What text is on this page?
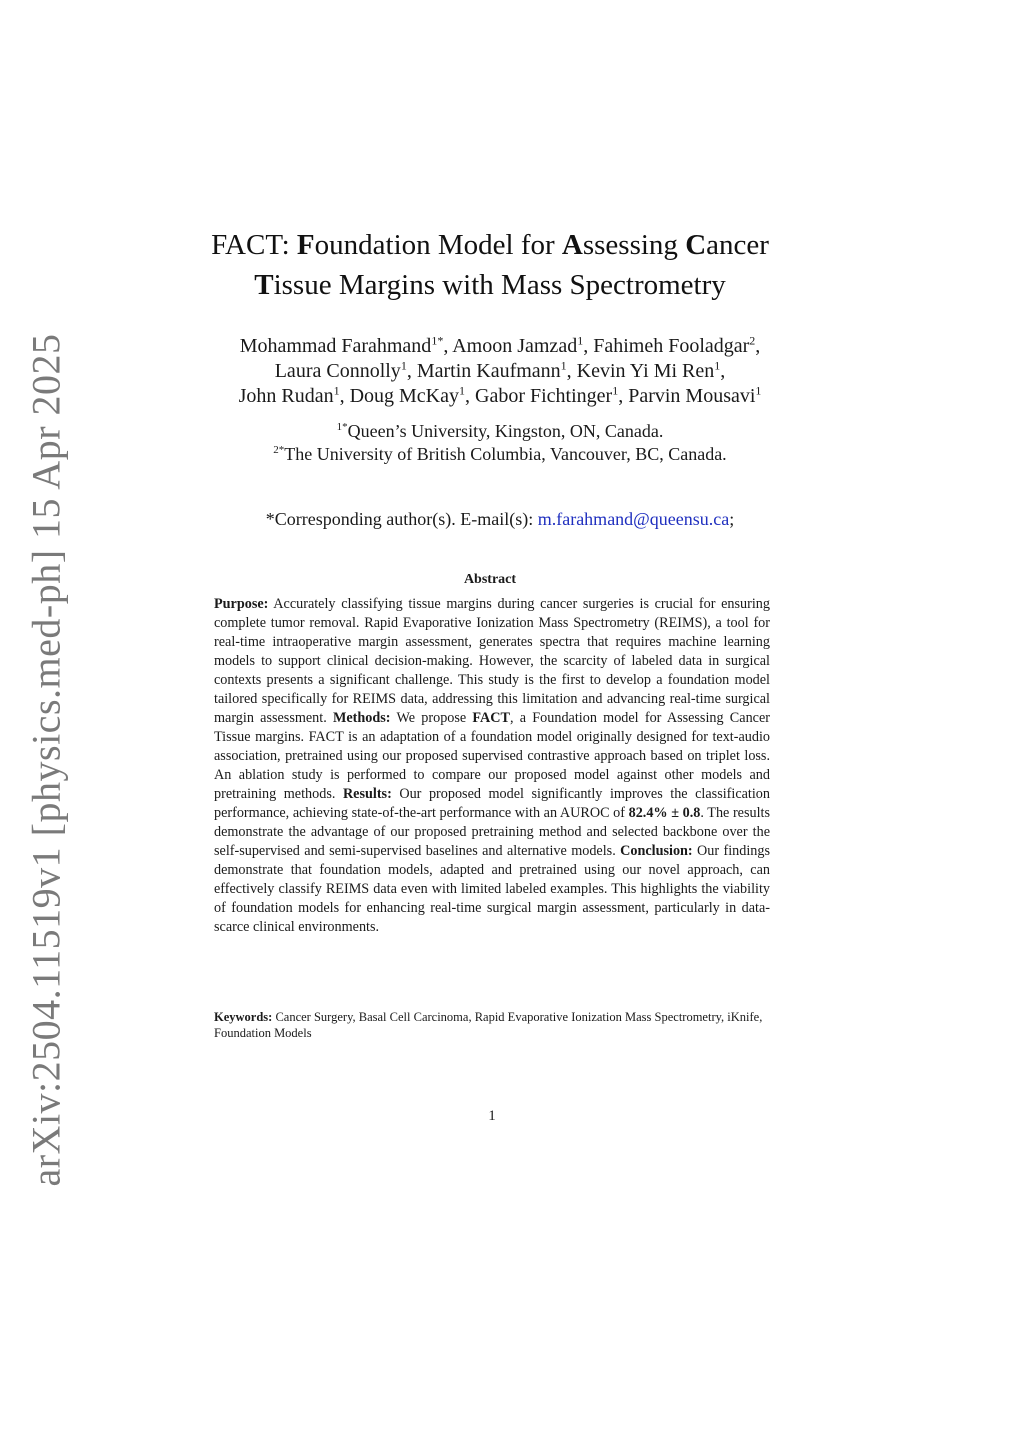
arXiv:2504.11519v1 [physics.med-ph] 15 Apr 2025
FACT: Foundation Model for Assessing Cancer
Tissue Margins with Mass Spectrometry
Mohammad Farahmand$^{1*}$, Amoon Jamzad$^1$, Fahimeh Fooladgar$^2$,
Laura Connolly$^1$, Martin Kaufmann$^1$, Kevin Yi Mi Ren$^1$,
John Rudan$^1$, Doug McKay$^1$, Gabor Fichtinger$^1$, Parvin Mousavi$^1$
$^{1*}$Queen’s University, Kingston, ON, Canada.
$^{2*}$The University of British Columbia, Vancouver, BC, Canada.
*Corresponding author(s). E-mail(s): m.farahmand@queensu.ca;
Abstract
Purpose: Accurately classifying tissue margins during cancer surgeries is crucial for ensuring complete tumor removal. Rapid Evaporative Ionization Mass Spectrometry (REIMS), a tool for real-time intraoperative margin assessment, generates spectra that requires machine learning models to support clinical decision-making. However, the scarcity of labeled data in surgical contexts presents a significant challenge. This study is the first to develop a foundation model tailored specifically for REIMS data, addressing this limitation and advancing real-time surgical margin assessment. Methods: We propose FACT, a Foundation model for Assessing Cancer Tissue margins. FACT is an adaptation of a foundation model originally designed for text-audio association, pretrained using our proposed supervised contrastive approach based on triplet loss. An ablation study is performed to compare our proposed model against other models and pretraining methods. Results: Our proposed model significantly improves the classification performance, achieving state-of-the-art performance with an AUROC of 82.4% ± 0.8. The results demonstrate the advantage of our proposed pretraining method and selected backbone over the self-supervised and semi-supervised baselines and alternative models. Conclusion: Our findings demonstrate that foundation models, adapted and pretrained using our novel approach, can effectively classify REIMS data even with limited labeled examples. This highlights the viability of foundation models for enhancing real-time surgical margin assessment, particularly in data-scarce clinical environments.
Keywords: Cancer Surgery, Basal Cell Carcinoma, Rapid Evaporative Ionization Mass Spectrometry, iKnife, Foundation Models
1
